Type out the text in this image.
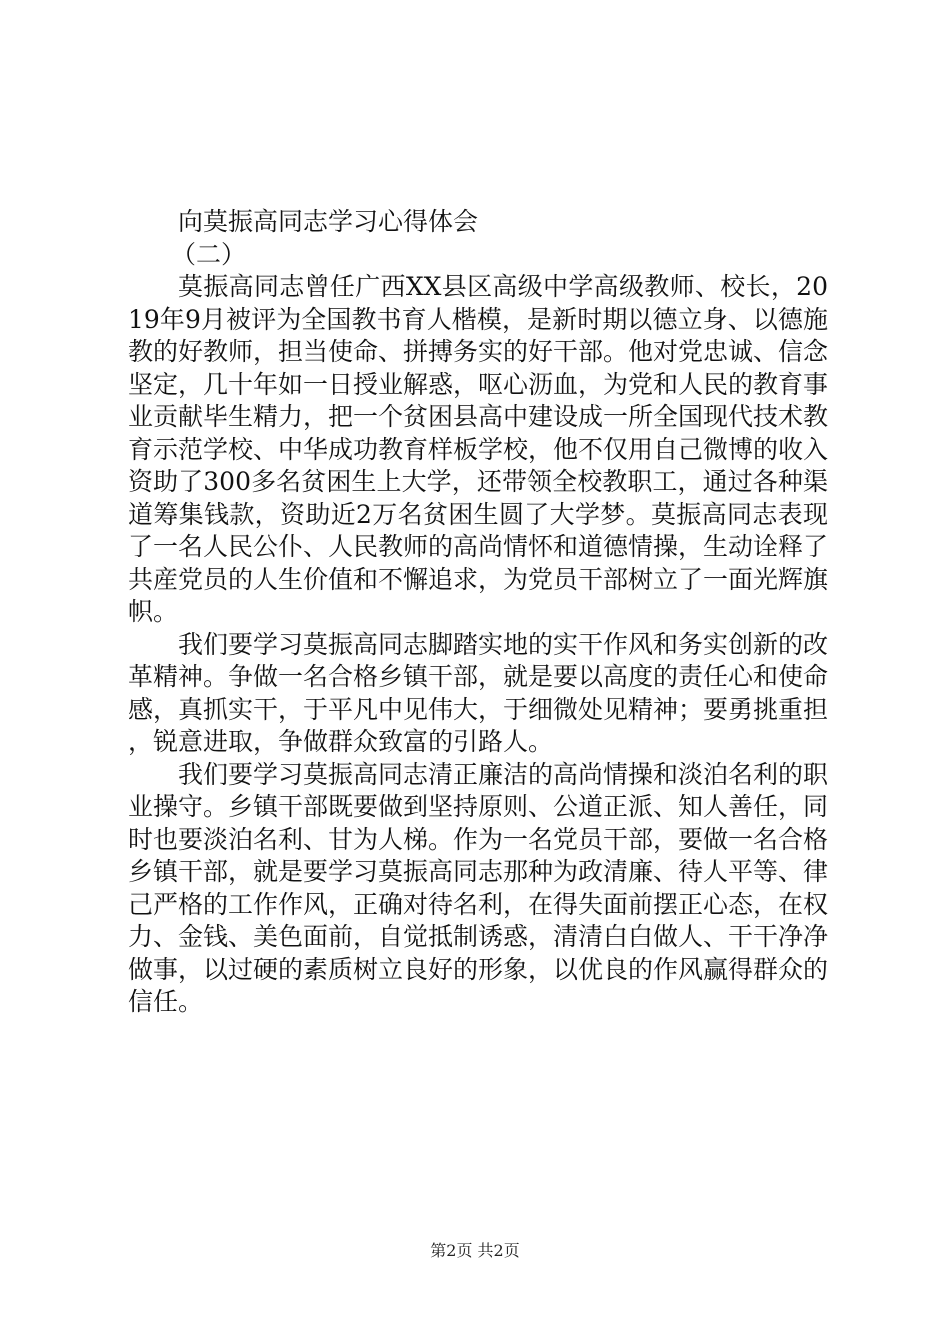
向莫振高同志学习心得体会

（二）

莫振高同志曾任广西XX县区高级中学高级教师、校长，2019年9月被评为全国教书育人楷模，是新时期以德立身、以德施教的好教师，担当使命、拼搏务实的好干部。他对党忠诚、信念坚定，几十年如一日授业解惑，呕心沥血，为党和人民的教育事业贡献毕生精力，把一个贫困县高中建设成一所全国现代技术教育示范学校、中华成功教育样板学校，他不仅用自己微博的收入资助了300多名贫困生上大学，还带领全校教职工，通过各种渠道筹集钱款，资助近2万名贫困生圆了大学梦。莫振高同志表现了一名人民公仆、人民教师的高尚情怀和道德情操，生动诠释了共産党员的人生价值和不懈追求，为党员干部树立了一面光辉旗帜。

我们要学习莫振高同志脚踏实地的实干作风和务实创新的改革精神。争做一名合格乡镇干部，就是要以高度的责任心和使命感，真抓实干，于平凡中见伟大，于细微处见精神；要勇挑重担，锐意进取，争做群众致富的引路人。

我们要学习莫振高同志清正廉洁的高尚情操和淡泊名利的职业操守。乡镇干部既要做到坚持原则、公道正派、知人善任，同时也要淡泊名利、甘为人梯。作为一名党员干部，要做一名合格乡镇干部，就是要学习莫振高同志那种为政清廉、待人平等、律己严格的工作作风，正确对待名利，在得失面前摆正心态，在权力、金钱、美色面前，自觉抵制诱惑，清清白白做人、干干净净做事，以过硬的素质树立良好的形象，以优良的作风赢得群众的信任。

第2页 共2页
